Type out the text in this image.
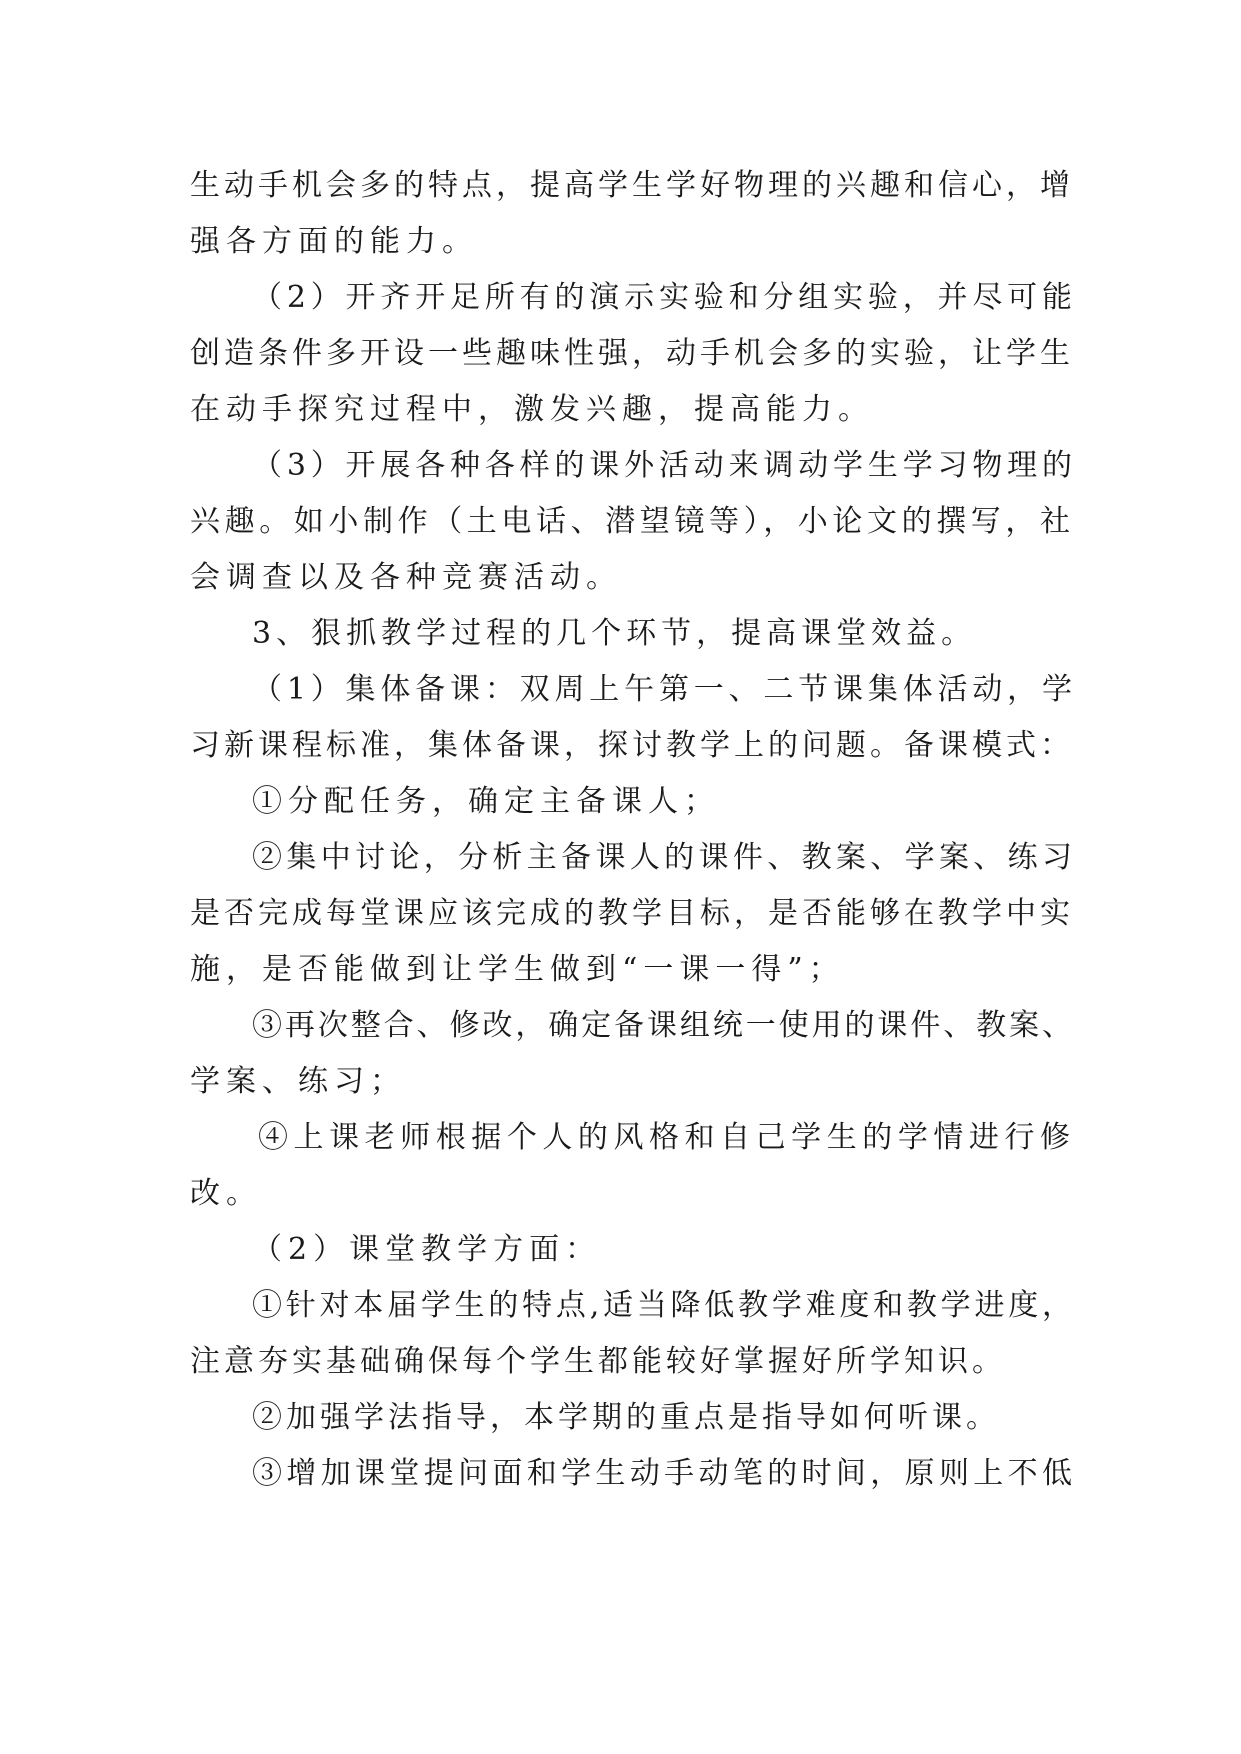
生动手机会多的特点，提高学生学好物理的兴趣和信心，增
强各方面的能力。
（2）开齐开足所有的演示实验和分组实验，并尽可能
创造条件多开设一些趣味性强，动手机会多的实验，让学生
在动手探究过程中，激发兴趣，提高能力。
（3）开展各种各样的课外活动来调动学生学习物理的
兴趣。如小制作（土电话、潜望镜等），小论文的撰写，社
会调查以及各种竞赛活动。
3、狠抓教学过程的几个环节，提高课堂效益。
（1）集体备课：双周上午第一、二节课集体活动，学
习新课程标准，集体备课，探讨教学上的问题。备课模式：
①分配任务，确定主备课人；
②集中讨论，分析主备课人的课件、教案、学案、练习
是否完成每堂课应该完成的教学目标，是否能够在教学中实
施，是否能做到让学生做到“一课一得”；
③再次整合、修改，确定备课组统一使用的课件、教案、
学案、练习；
④上课老师根据个人的风格和自己学生的学情进行修
改。
（2）课堂教学方面：
①针对本届学生的特点,适当降低教学难度和教学进度，
注意夯实基础确保每个学生都能较好掌握好所学知识。
②加强学法指导，本学期的重点是指导如何听课。
③增加课堂提问面和学生动手动笔的时间，原则上不低
